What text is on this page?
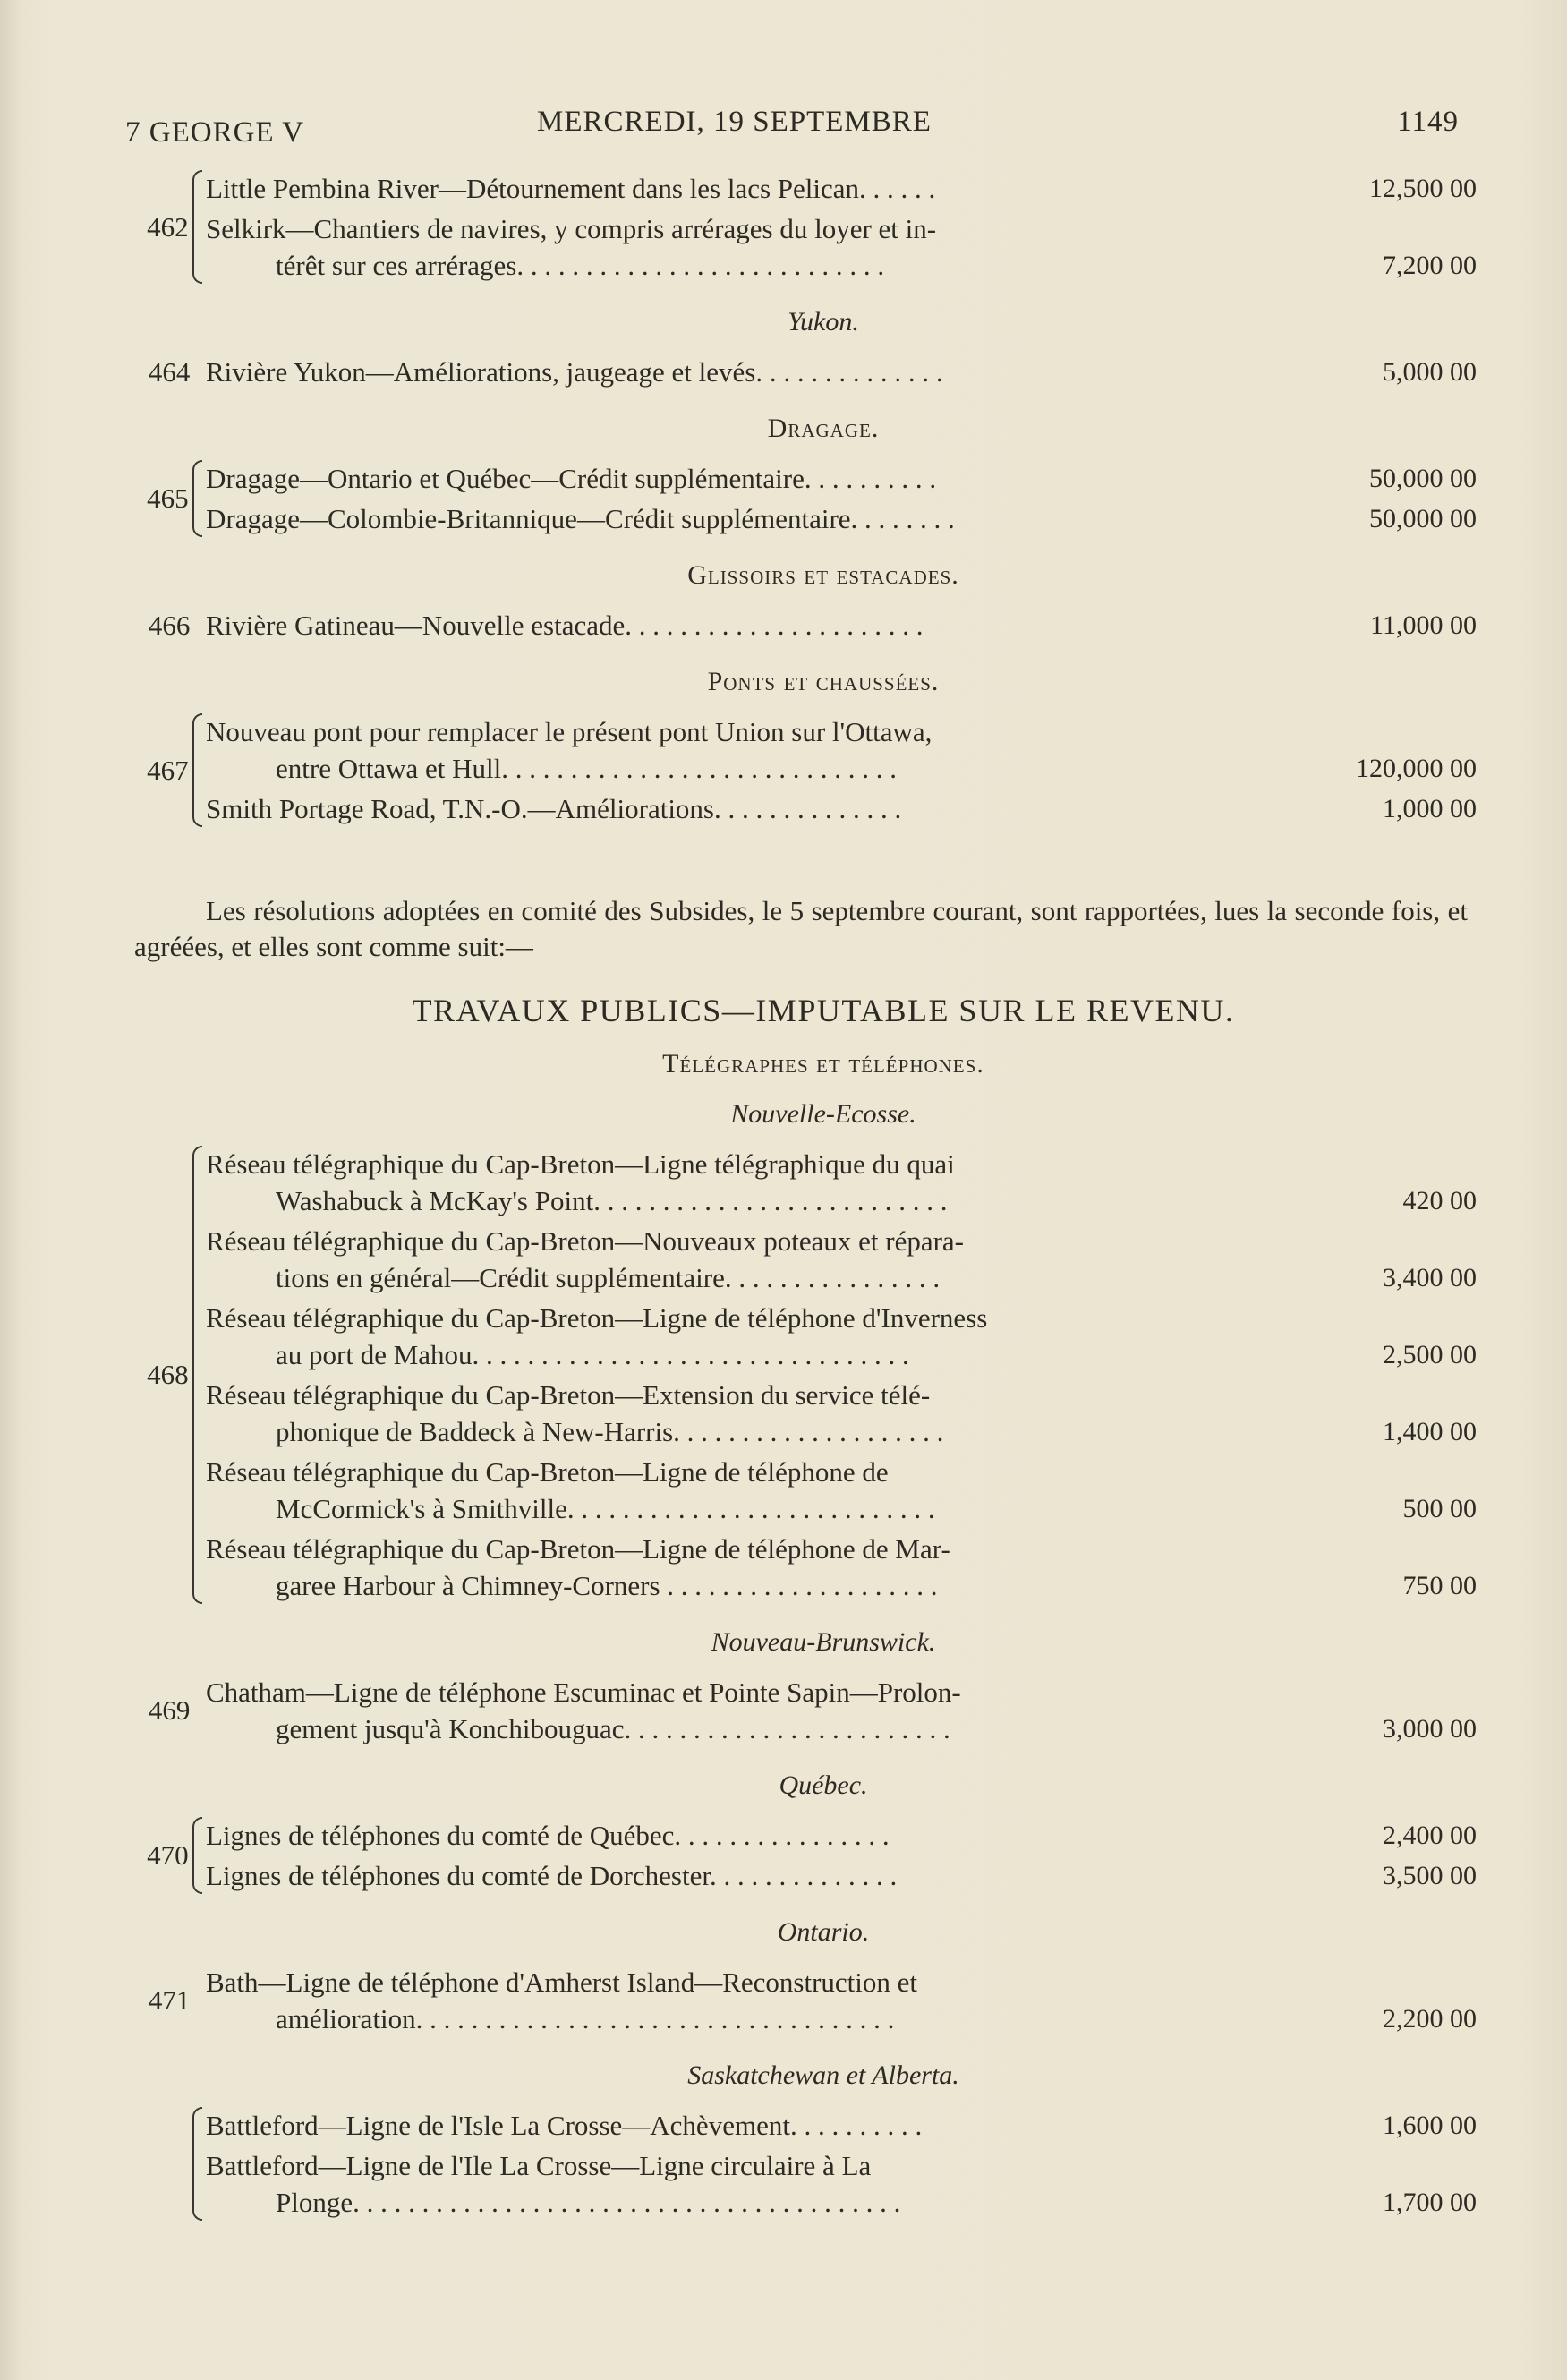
7 GEORGE V	MERCREDI, 19 SEPTEMBRE	1149
462
Little Pembina River—Détournement dans les lacs Pelican. . . . . .	12,500 00
Selkirk—Chantiers de navires, y compris arrérages du loyer et in-
térêt sur ces arrérages. . . . . . . . . . . . . . . . . . . . . . . . . . .	7,200 00
Yukon.
464 Rivière Yukon—Améliorations, jaugeage et levés. . . . . . . . . . . . . .	5,000 00
Dragage.
465
Dragage—Ontario et Québec—Crédit supplémentaire. . . . . . . . . .	50,000 00
Dragage—Colombie-Britannique—Crédit supplémentaire. . . . . . . .	50,000 00
Glissoirs et estacades.
466 Rivière Gatineau—Nouvelle estacade. . . . . . . . . . . . . . . . . . . . . .	11,000 00
Ponts et chaussées.
467
Nouveau pont pour remplacer le présent pont Union sur l'Ottawa,
entre Ottawa et Hull. . . . . . . . . . . . . . . . . . . . . . . . . . . . .	120,000 00
Smith Portage Road, T.N.-O.—Améliorations. . . . . . . . . . . . . .	1,000 00

Les résolutions adoptées en comité des Subsides, le 5 septembre courant, sont rapportées, lues la seconde fois, et agréées, et elles sont comme suit:—

TRAVAUX PUBLICS—IMPUTABLE SUR LE REVENU.
Télégraphes et téléphones.
Nouvelle-Ecosse.
468
Réseau télégraphique du Cap-Breton—Ligne télégraphique du quai
Washabuck à McKay's Point. . . . . . . . . . . . . . . . . . . . . . . . . .	420 00
Réseau télégraphique du Cap-Breton—Nouveaux poteaux et répara-
tions en général—Crédit supplémentaire. . . . . . . . . . . . . . . .	3,400 00
Réseau télégraphique du Cap-Breton—Ligne de téléphone d'Inverness
au port de Mahou. . . . . . . . . . . . . . . . . . . . . . . . . . . . . . . .	2,500 00
Réseau télégraphique du Cap-Breton—Extension du service télé-
phonique de Baddeck à New-Harris. . . . . . . . . . . . . . . . . . . .	1,400 00
Réseau télégraphique du Cap-Breton—Ligne de téléphone de
McCormick's à Smithville. . . . . . . . . . . . . . . . . . . . . . . . . . .	500 00
Réseau télégraphique du Cap-Breton—Ligne de téléphone de Mar-
garee Harbour à Chimney-Corners . . . . . . . . . . . . . . . . . . . .	750 00
Nouveau-Brunswick.
469
Chatham—Ligne de téléphone Escuminac et Pointe Sapin—Prolon-
gement jusqu'à Konchibouguac. . . . . . . . . . . . . . . . . . . . . . . .	3,000 00
Québec.
470
Lignes de téléphones du comté de Québec. . . . . . . . . . . . . . . .	2,400 00
Lignes de téléphones du comté de Dorchester. . . . . . . . . . . . . .	3,500 00
Ontario.
471
Bath—Ligne de téléphone d'Amherst Island—Reconstruction et
amélioration. . . . . . . . . . . . . . . . . . . . . . . . . . . . . . . . . . .	2,200 00
Saskatchewan et Alberta.
Battleford—Ligne de l'Isle La Crosse—Achèvement. . . . . . . . . .	1,600 00
Battleford—Ligne de l'Ile La Crosse—Ligne circulaire à La
Plonge. . . . . . . . . . . . . . . . . . . . . . . . . . . . . . . . . . . . . . . .	1,700 00
